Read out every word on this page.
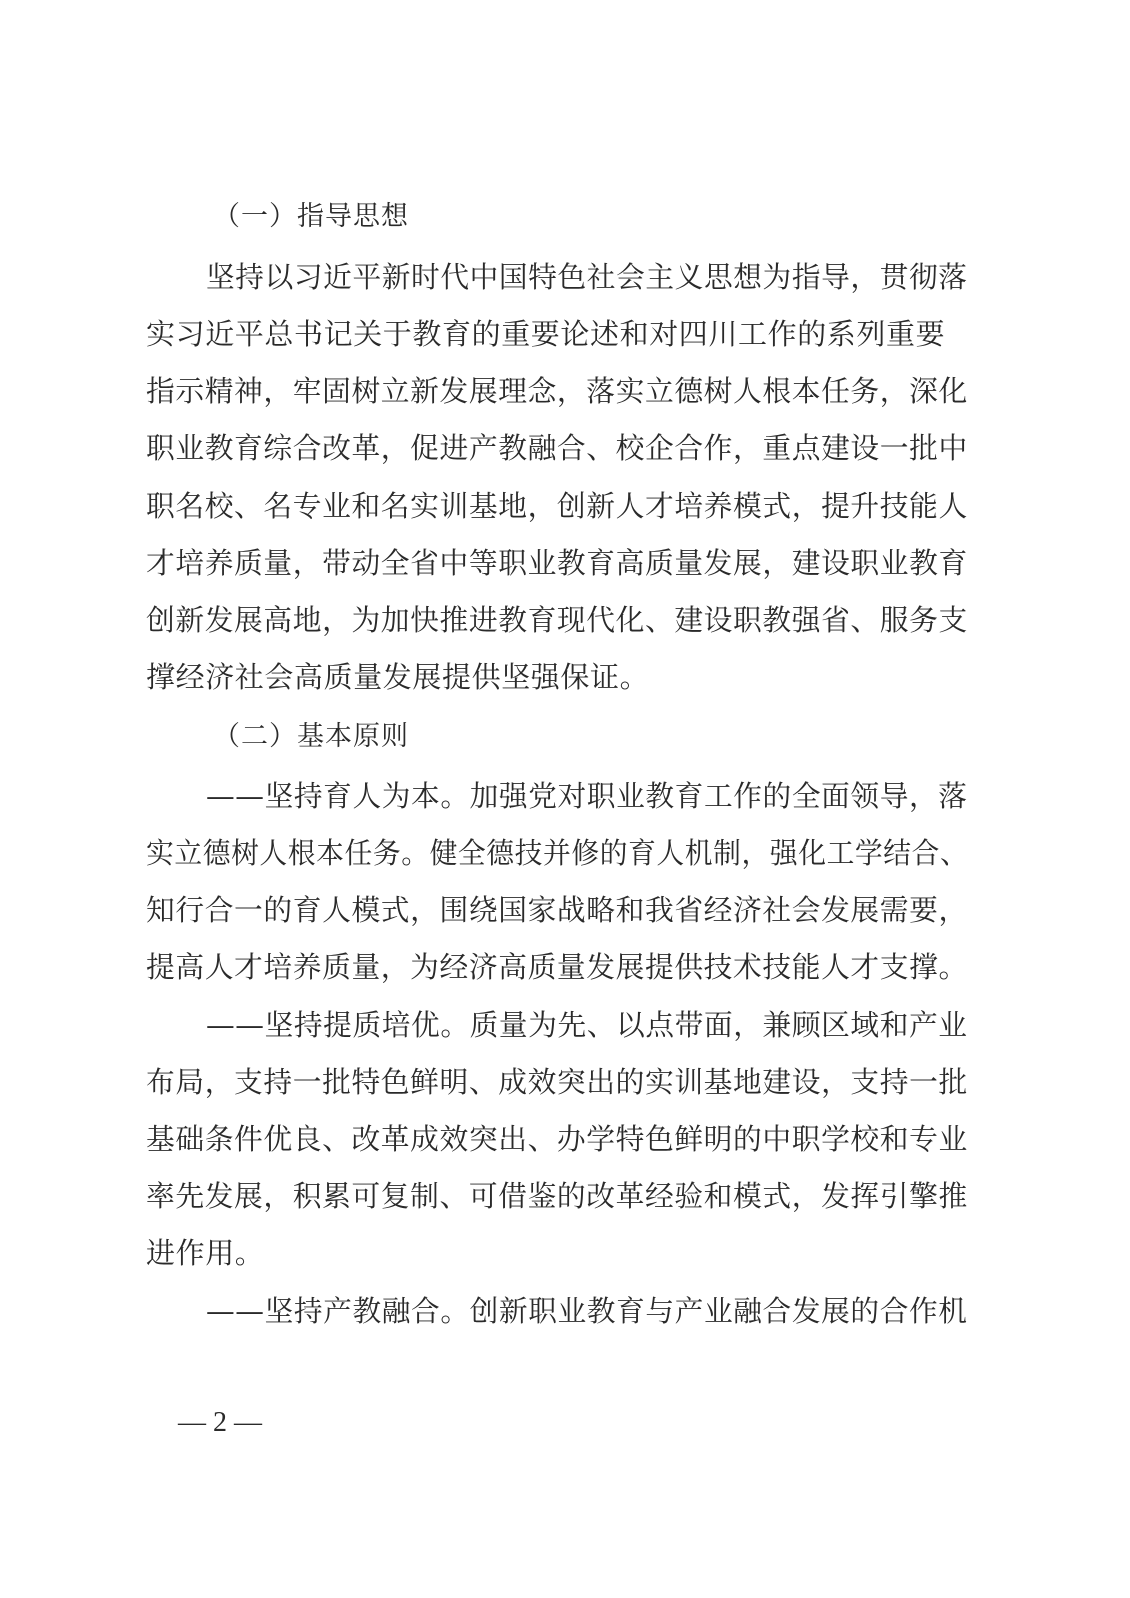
（一）指导思想
坚持以习近平新时代中国特色社会主义思想为指导，贯彻落
实习近平总书记关于教育的重要论述和对四川工作的系列重要
指示精神，牢固树立新发展理念，落实立德树人根本任务，深化
职业教育综合改革，促进产教融合、校企合作，重点建设一批中
职名校、名专业和名实训基地，创新人才培养模式，提升技能人
才培养质量，带动全省中等职业教育高质量发展，建设职业教育
创新发展高地，为加快推进教育现代化、建设职教强省、服务支
撑经济社会高质量发展提供坚强保证。
（二）基本原则
——坚持育人为本。加强党对职业教育工作的全面领导，落
实立德树人根本任务。健全德技并修的育人机制，强化工学结合、
知行合一的育人模式，围绕国家战略和我省经济社会发展需要，
提高人才培养质量，为经济高质量发展提供技术技能人才支撑。
——坚持提质培优。质量为先、以点带面，兼顾区域和产业
布局，支持一批特色鲜明、成效突出的实训基地建设，支持一批
基础条件优良、改革成效突出、办学特色鲜明的中职学校和专业
率先发展，积累可复制、可借鉴的改革经验和模式，发挥引擎推
进作用。
——坚持产教融合。创新职业教育与产业融合发展的合作机
— 2 —
